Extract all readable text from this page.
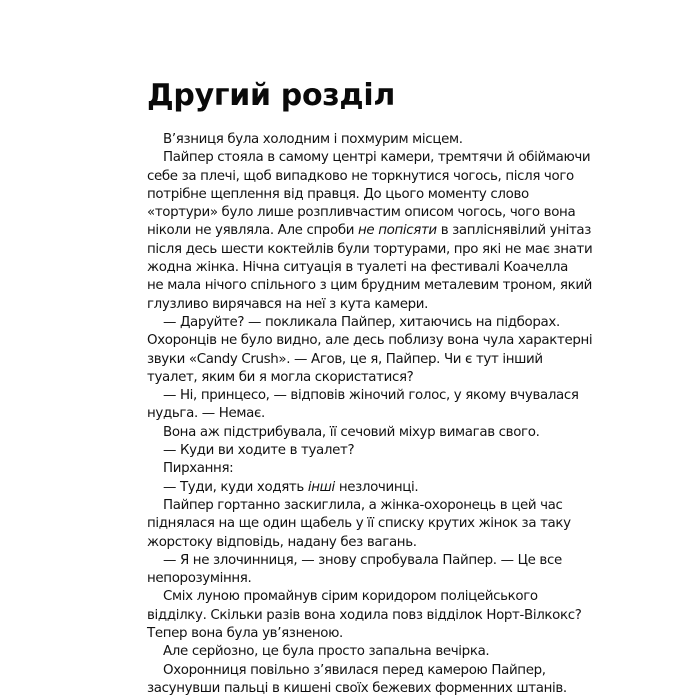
Другий розділ
В’язниця була холодним і похмурим місцем.
Пайпер стояла в самому центрі камери, тремтячи й обіймаючи
себе за плечі, щоб випадково не торкнутися чогось, після чого
потрібне щеплення від правця. До цього моменту слово
«тортури» було лише розпливчастим описом чогось, чого вона
ніколи не уявляла. Але спроби не попісяти в запліснявілий унітаз
після десь шести коктейлів були тортурами, про які не має знати
жодна жінка. Нічна ситуація в туалеті на фестивалі Коачелла
не мала нічого спільного з цим брудним металевим троном, який
глузливо вирячався на неї з кута камери.
— Даруйте? — покликала Пайпер, хитаючись на підборах.
Охоронців не було видно, але десь поблизу вона чула характерні
звуки «Candy Crush». — Агов, це я, Пайпер. Чи є тут інший
туалет, яким би я могла скористатися?
— Ні, принцесо, — відповів жіночий голос, у якому вчувалася
нудьга. — Немає.
Вона аж підстрибувала, її сечовий міхур вимагав свого.
— Куди ви ходите в туалет?
Пирхання:
— Туди, куди ходять інші незлочинці.
Пайпер гортанно заскиглила, а жінка-охоронець в цей час
піднялася на ще один щабель у її списку крутих жінок за таку
жорстоку відповідь, надану без вагань.
— Я не злочинниця, — знову спробувала Пайпер. — Це все
непорозуміння.
Сміх луною промайнув сірим коридором поліцейського
відділку. Скільки разів вона ходила повз відділок Норт-Вілкокс?
Тепер вона була ув’язненою.
Але серйозно, це була просто запальна вечірка.
Охоронниця повільно з’явилася перед камерою Пайпер,
засунувши пальці в кишені своїх бежевих форменних штанів.
